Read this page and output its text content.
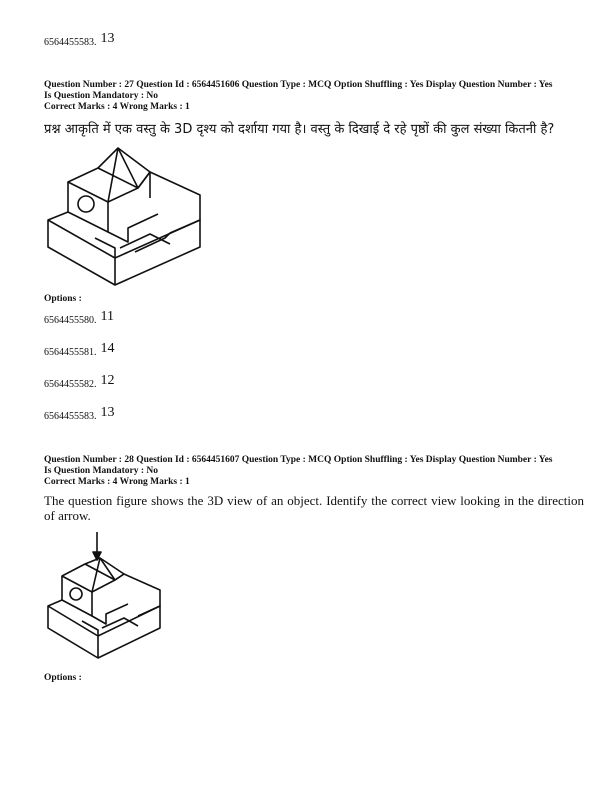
6564455583. 13
Question Number : 27 Question Id : 6564451606 Question Type : MCQ Option Shuffling : Yes Display Question Number : Yes
Is Question Mandatory : No
Correct Marks : 4 Wrong Marks : 1
प्रश्न आकृति में एक वस्तु के 3D दृश्य को दर्शाया गया है। वस्तु के दिखाई दे रहे पृष्ठों की कुल संख्या कितनी है?
Options :
6564455580. 11
6564455581. 14
6564455582. 12
6564455583. 13
Question Number : 28 Question Id : 6564451607 Question Type : MCQ Option Shuffling : Yes Display Question Number : Yes
Is Question Mandatory : No
Correct Marks : 4 Wrong Marks : 1
The question figure shows the 3D view of an object. Identify the correct view looking in the direction of arrow.
Options :
